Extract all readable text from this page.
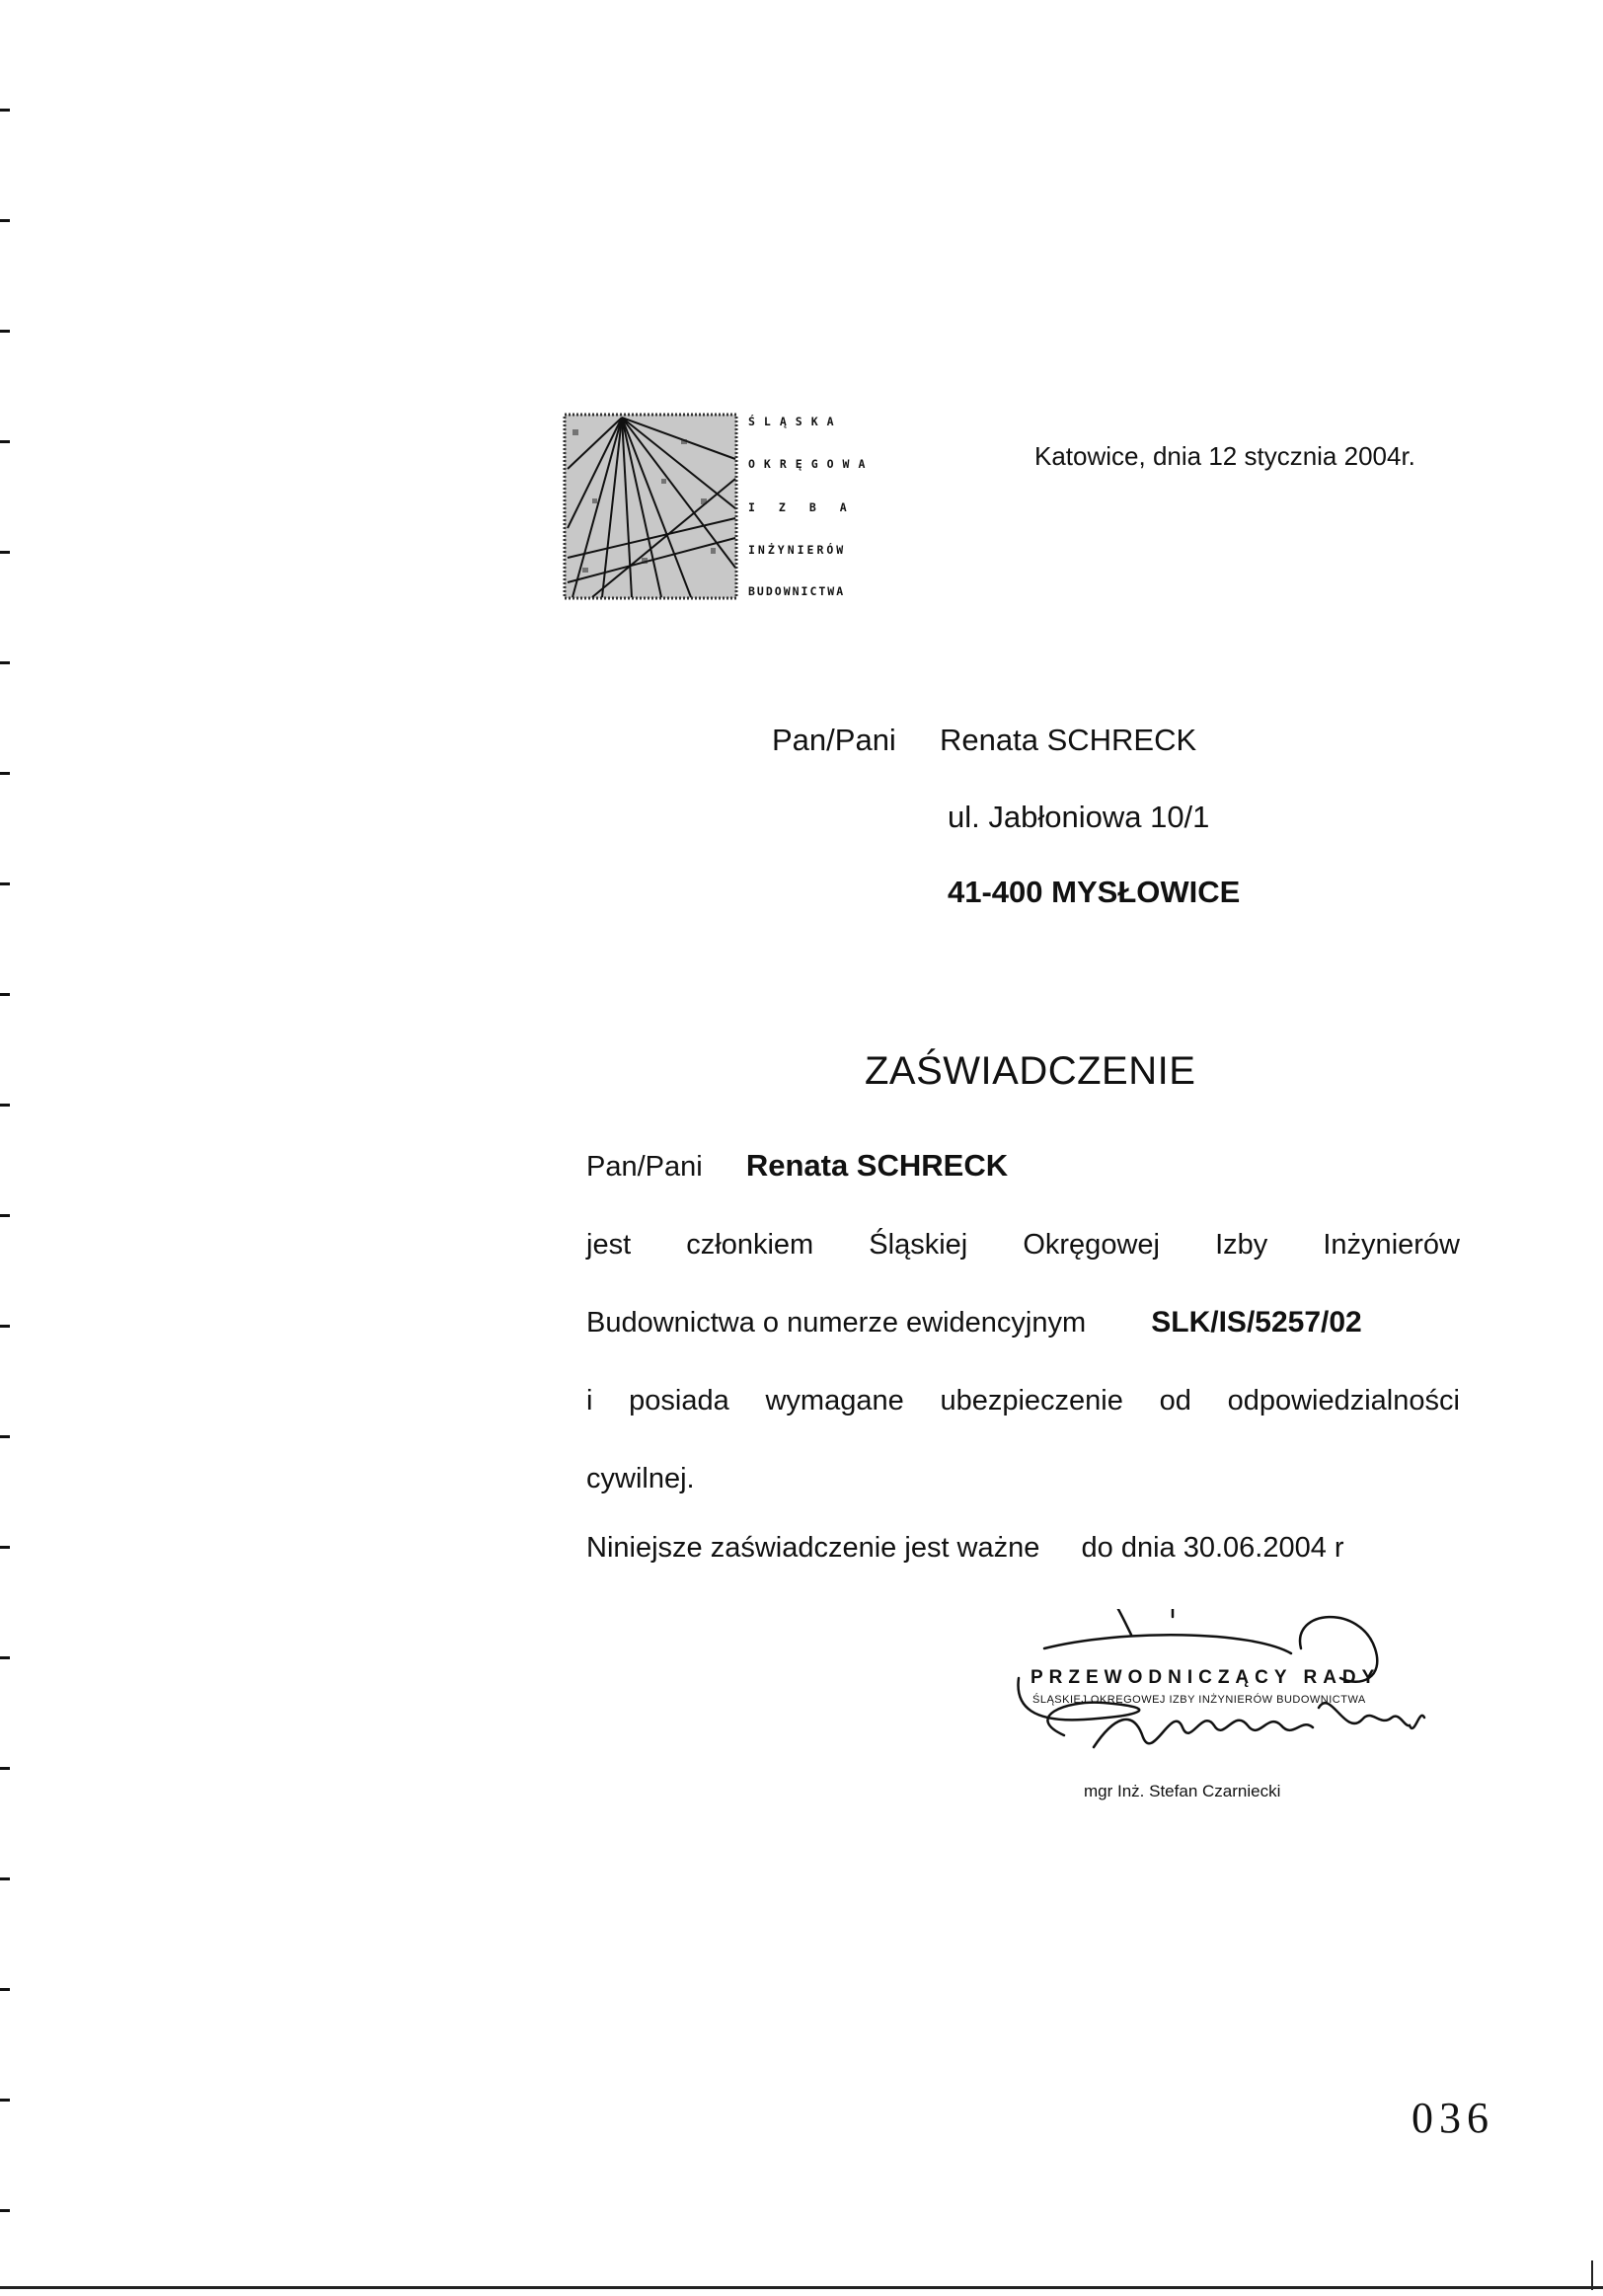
ŚLĄSKA
OKRĘGOWA
IZBA
INŻYNIERÓW
BUDOWNICTWA
Katowice, dnia 12 stycznia 2004r.
Pan/Pani Renata SCHRECK
ul. Jabłoniowa 10/1
41-400 MYSŁOWICE
ZAŚWIADCZENIE
Pan/Pani Renata SCHRECK
jest członkiem Śląskiej Okręgowej Izby Inżynierów
Budownictwa o numerze ewidencyjnym SLK/IS/5257/02
i posiada wymagane ubezpieczenie od odpowiedzialności
cywilnej.
Niniejsze zaświadczenie jest ważne do dnia 30.06.2004 r
PRZEWODNICZĄCY RADY
ŚLĄSKIEJ OKRĘGOWEJ IZBY INŻYNIERÓW BUDOWNICTWA
mgr Inż. Stefan Czarniecki
036
